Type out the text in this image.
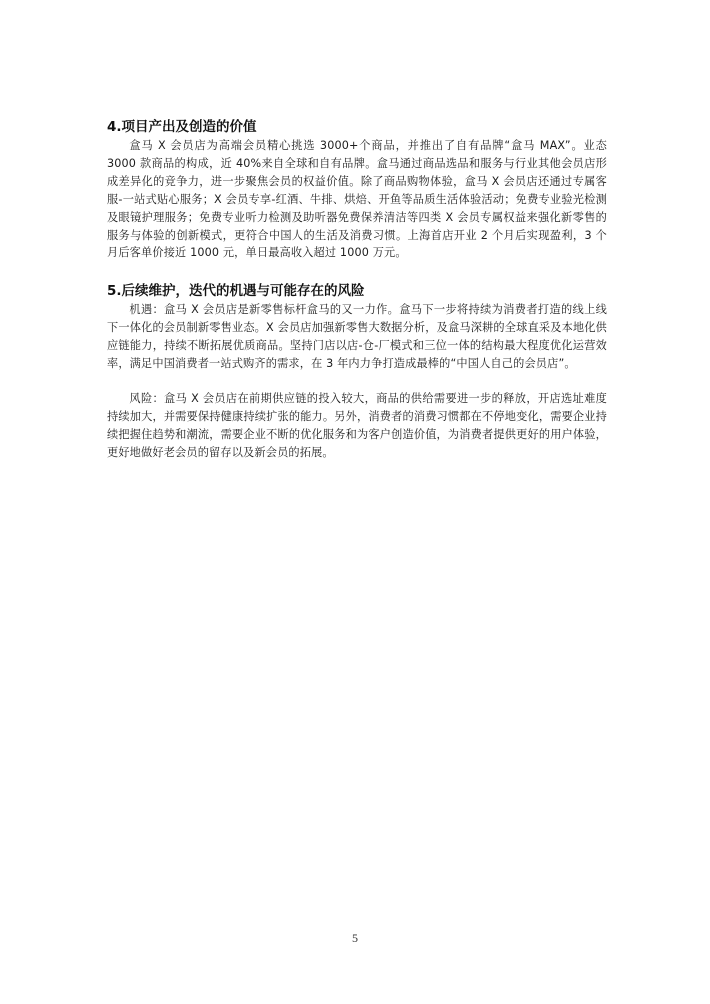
4.项目产出及创造的价值

盒马 X 会员店为高端会员精心挑选 3000+个商品，并推出了自有品牌“盒马 MAX”。业态 3000 款商品的构成，近 40%来自全球和自有品牌。盒马通过商品选品和服务与行业其他会员店形成差异化的竞争力，进一步聚焦会员的权益价值。除了商品购物体验，盒马 X 会员店还通过专属客服-一站式贴心服务；X 会员专享-红酒、牛排、烘焙、开鱼等品质生活体验活动；免费专业验光检测及眼镜护理服务；免费专业听力检测及助听器免费保养清洁等四类 X 会员专属权益来强化新零售的服务与体验的创新模式，更符合中国人的生活及消费习惯。上海首店开业 2 个月后实现盈利，3 个月后客单价接近 1000 元，单日最高收入超过 1000 万元。

5.后续维护，迭代的机遇与可能存在的风险

机遇：盒马 X 会员店是新零售标杆盒马的又一力作。盒马下一步将持续为消费者打造的线上线下一体化的会员制新零售业态。X 会员店加强新零售大数据分析，及盒马深耕的全球直采及本地化供应链能力，持续不断拓展优质商品。坚持门店以店-仓-厂模式和三位一体的结构最大程度优化运营效率，满足中国消费者一站式购齐的需求，在 3 年内力争打造成最棒的“中国人自己的会员店”。

风险：盒马 X 会员店在前期供应链的投入较大，商品的供给需要进一步的释放，开店选址难度持续加大，并需要保持健康持续扩张的能力。另外，消费者的消费习惯都在不停地变化，需要企业持续把握住趋势和潮流，需要企业不断的优化服务和为客户创造价值，为消费者提供更好的用户体验，更好地做好老会员的留存以及新会员的拓展。

5
